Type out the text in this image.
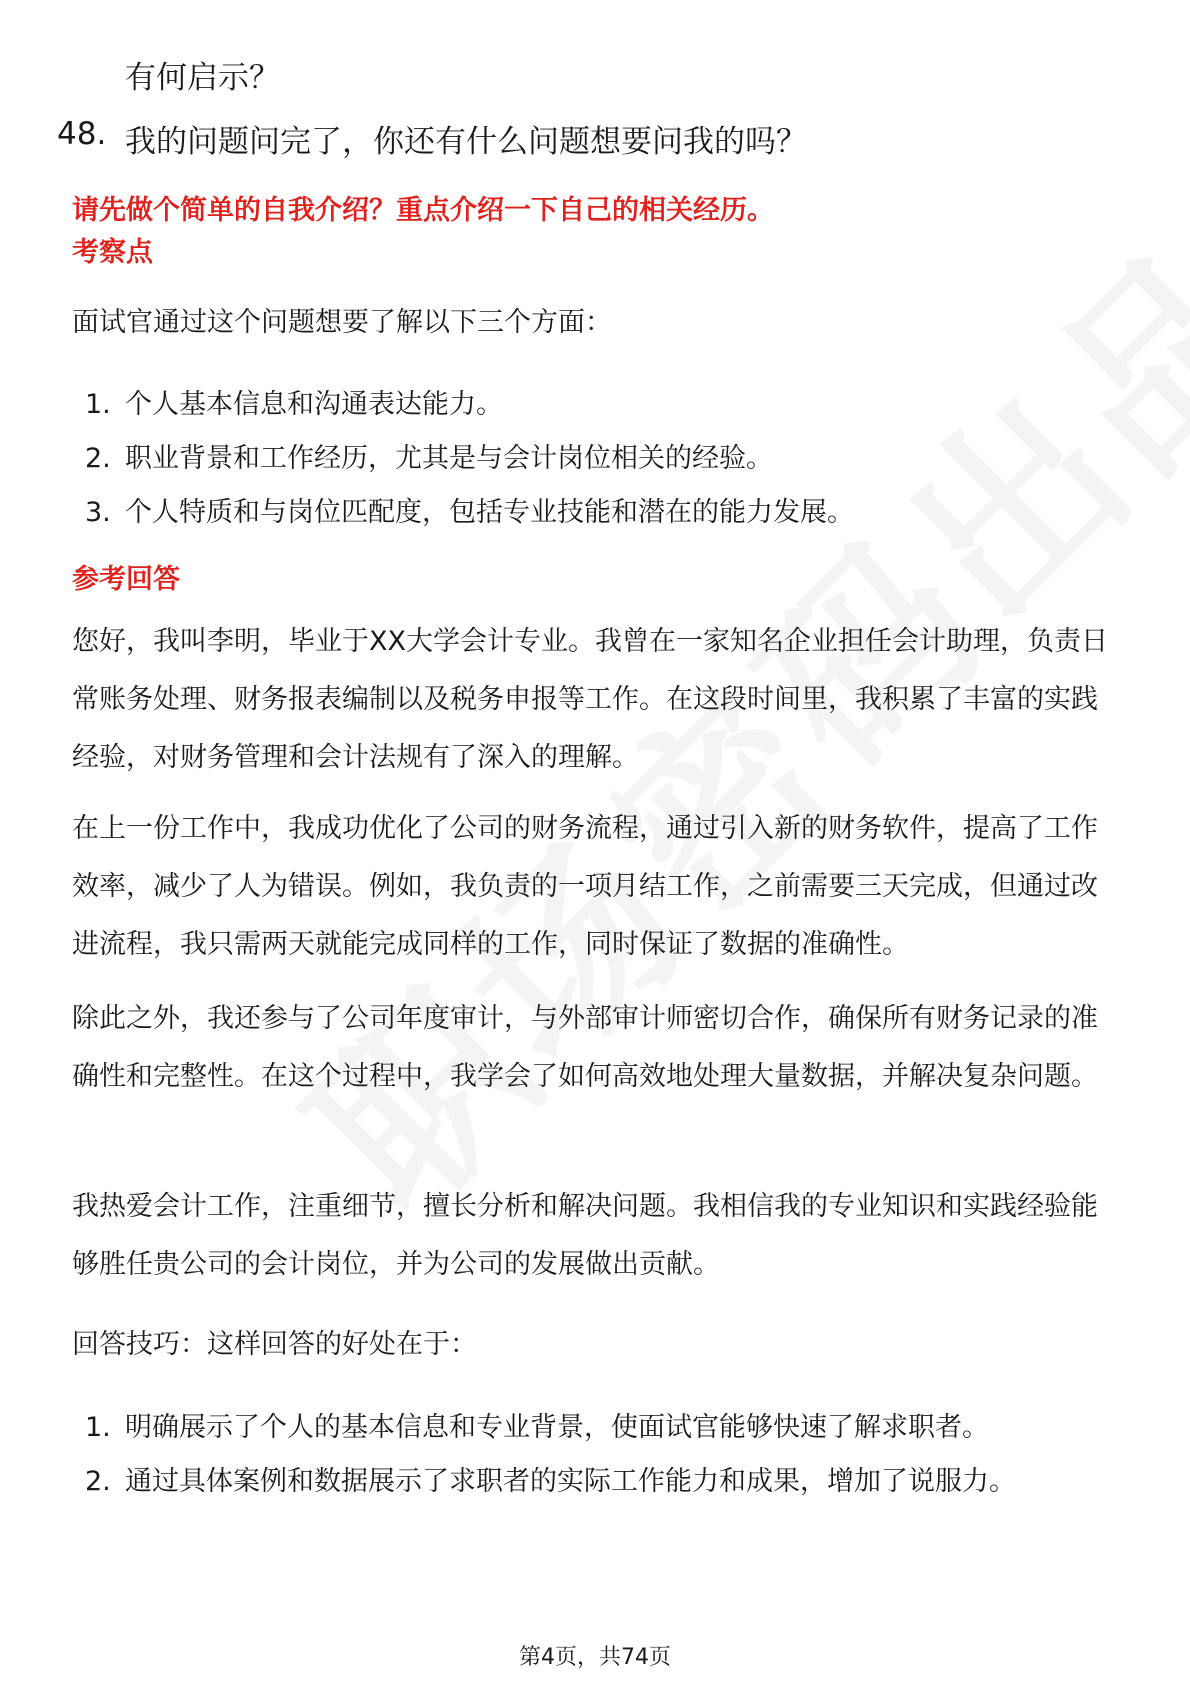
有何启示？
48. 我的问题问完了，你还有什么问题想要问我的吗？
请先做个简单的自我介绍？重点介绍一下自己的相关经历。
考察点
面试官通过这个问题想要了解以下三个方面：
1. 个人基本信息和沟通表达能力。
2. 职业背景和工作经历，尤其是与会计岗位相关的经验。
3. 个人特质和与岗位匹配度，包括专业技能和潜在的能力发展。
参考回答
您好，我叫李明，毕业于XX大学会计专业。我曾在一家知名企业担任会计助理，负责日常账务处理、财务报表编制以及税务申报等工作。在这段时间里，我积累了丰富的实践经验，对财务管理和会计法规有了深入的理解。
在上一份工作中，我成功优化了公司的财务流程，通过引入新的财务软件，提高了工作效率，减少了人为错误。例如，我负责的一项月结工作，之前需要三天完成，但通过改进流程，我只需两天就能完成同样的工作，同时保证了数据的准确性。
除此之外，我还参与了公司年度审计，与外部审计师密切合作，确保所有财务记录的准确性和完整性。在这个过程中，我学会了如何高效地处理大量数据，并解决复杂问题。
我热爱会计工作，注重细节，擅长分析和解决问题。我相信我的专业知识和实践经验能够胜任贵公司的会计岗位，并为公司的发展做出贡献。
回答技巧：这样回答的好处在于：
1. 明确展示了个人的基本信息和专业背景，使面试官能够快速了解求职者。
2. 通过具体案例和数据展示了求职者的实际工作能力和成果，增加了说服力。
第4页，共74页
